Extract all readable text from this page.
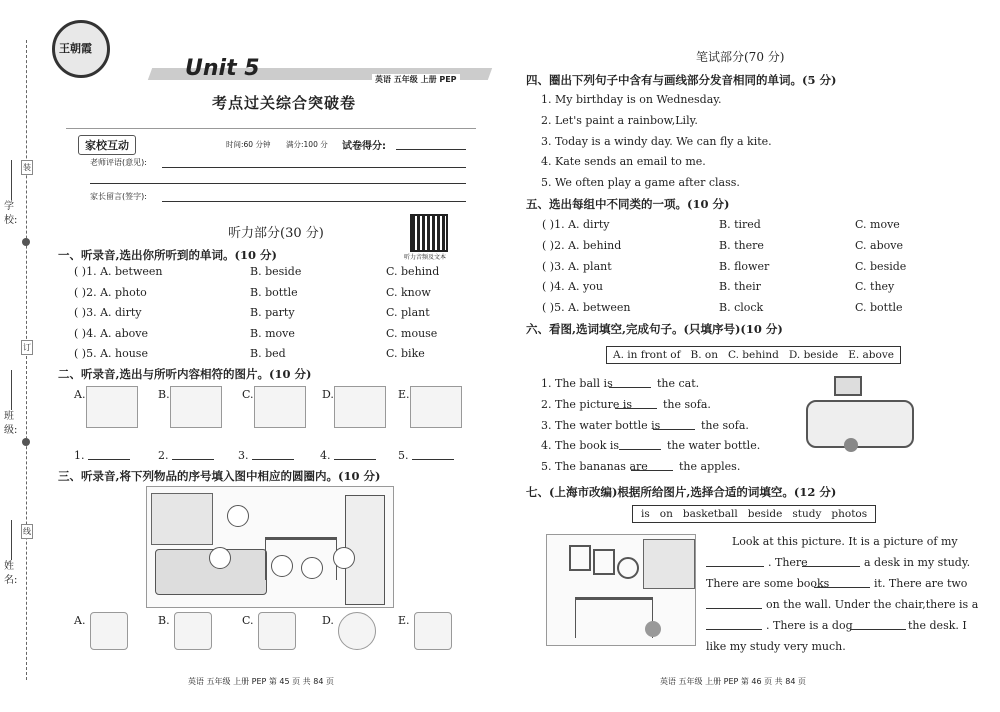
学校:
班级:
姓名:
装
订
线
王朝霞
Unit 5	英语 五年级 上册 PEP
考点过关综合突破卷
家校互动	时间:60 分钟 满分:100 分 试卷得分:
老师评语(意见):
家长留言(签字):
听力音频及文本
听力部分(30 分)
一、听录音,选出你所听到的单词。(10 分)
( )1. A. between	B. beside	C. behind
( )2. A. photo	B. bottle	C. know
( )3. A. dirty	B. party	C. plant
( )4. A. above	B. move	C. mouse
( )5. A. house	B. bed	C. bike
二、听录音,选出与所听内容相符的图片。(10 分)
A.	B.	C.	D.	E.
1.	2.	3.	4.	5.
三、听录音,将下列物品的序号填入图中相应的圆圈内。(10 分)
A.	B.	C.	D.	E.
英语 五年级 上册 PEP 第 45 页 共 84 页
笔试部分(70 分)
四、圈出下列句子中含有与画线部分发音相同的单词。(5 分)
1. My birthday is on Wednesday.
2. Let's paint a rainbow,Lily.
3. Today is a windy day. We can fly a kite.
4. Kate sends an email to me.
5. We often play a game after class.
五、选出每组中不同类的一项。(10 分)
( )1. A. dirty	B. tired	C. move
( )2. A. behind	B. there	C. above
( )3. A. plant	B. flower	C. beside
( )4. A. you	B. their	C. they
( )5. A. between	B. clock	C. bottle
六、看图,选词填空,完成句子。(只填序号)(10 分)
A. in front of   B. on   C. behind   D. beside   E. above
1. The ball is	the cat.
2. The picture is	the sofa.
3. The water bottle is	the sofa.
4. The book is	the water bottle.
5. The bananas are	the apples.
七、(上海市改编)根据所给图片,选择合适的词填空。(12 分)
is   on   basketball   beside   study   photos
Look at this picture. It is a picture of my
. There	a desk in my study.
There are some books	it. There are two
on the wall. Under the chair,there is a
. There is a dog	the desk. I
like my study very much.
英语 五年级 上册 PEP 第 46 页 共 84 页
